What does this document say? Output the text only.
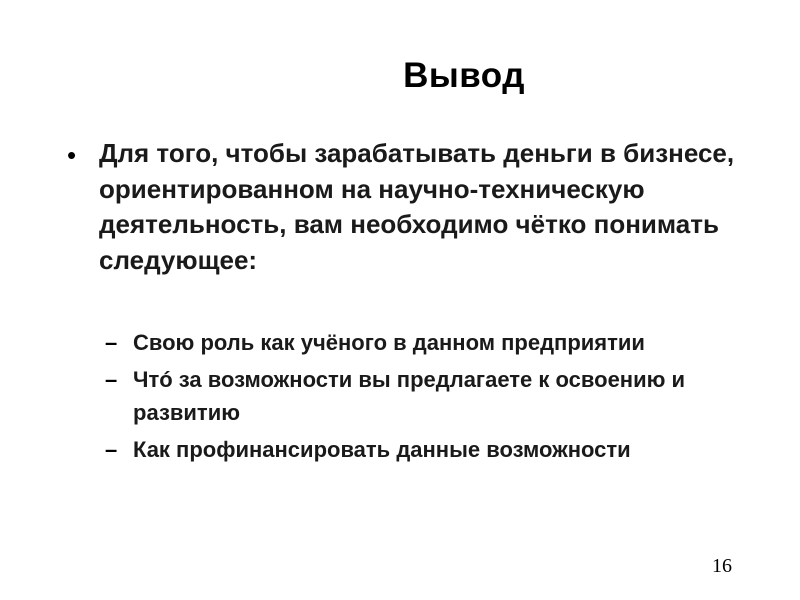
Вывод
• Для того, чтобы зарабатывать деньги в бизнесе, ориентированном на научно-техническую деятельность, вам необходимо чётко понимать следующее:
– Свою роль как учёного в данном предприятии
– Чтó за возможности вы предлагаете к освоению и развитию
– Как профинансировать данные возможности
16
